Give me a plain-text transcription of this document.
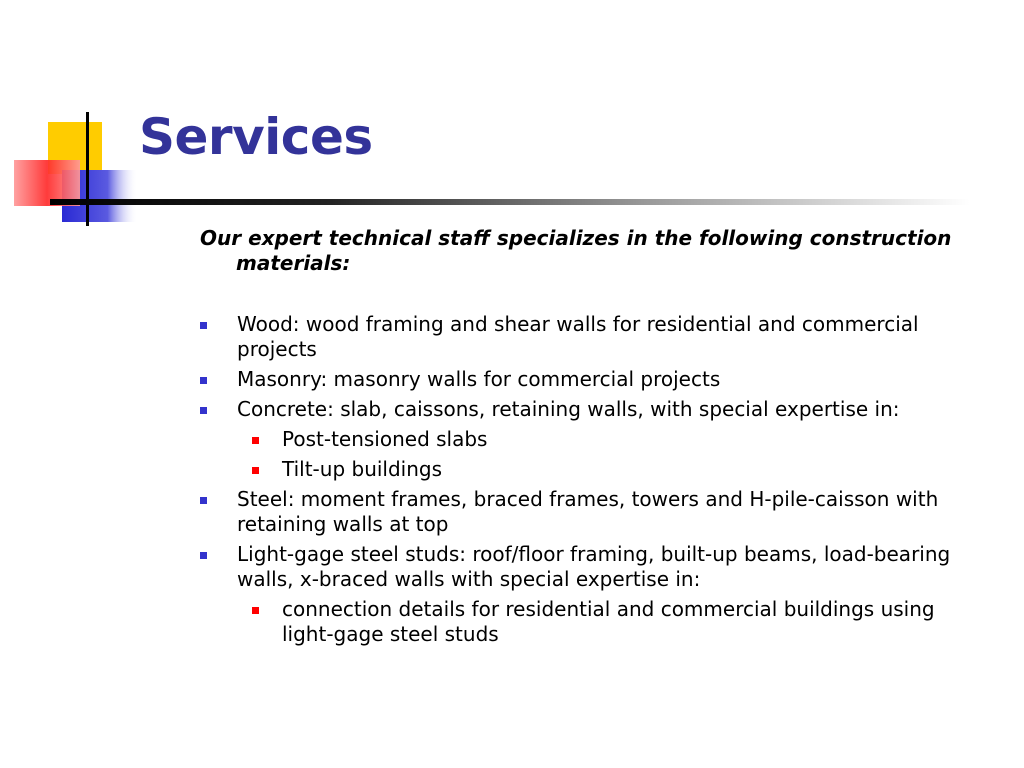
Services
Our expert technical staff specializes in the following construction materials:
Wood: wood framing and shear walls for residential and commercial projects
Masonry: masonry walls for commercial projects
Concrete: slab, caissons, retaining walls, with special expertise in:
Post-tensioned slabs
Tilt-up buildings
Steel: moment frames, braced frames, towers and H-pile-caisson with retaining walls at top
Light-gage steel studs: roof/floor framing, built-up beams, load-bearing walls, x-braced walls with special expertise in:
connection details for residential and commercial buildings using light-gage steel studs
